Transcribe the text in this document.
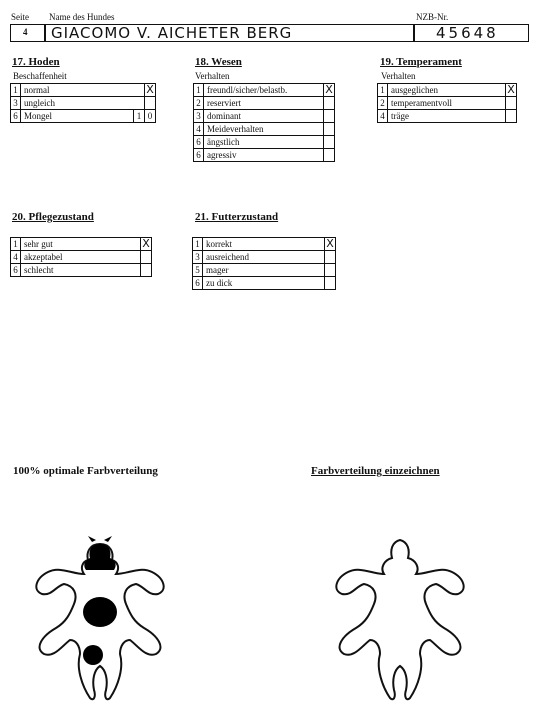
Seite Name des Hundes	NZB-Nr.
4 GIACOMO V. AICHETER BERG	45648
17. Hoden
Beschaffenheit
1	normal		X
3	ungleich		
6	Mongel	1	0
18. Wesen
Verhalten
1	freundl/sicher/belastb.	X
2	reserviert	
3	dominant	
4	Meideverhalten	
6	ängstlich	
6	agressiv	
19. Temperament
Verhalten
1	ausgeglichen	X
2	temperamentvoll	
4	träge	
20. Pflegezustand
1	sehr gut	X
4	akzeptabel	
6	schlecht	
21. Futterzustand
1	korrekt	X
3	ausreichend	
5	mager	
6	zu dick	
100% optimale Farbverteilung	Farbverteilung einzeichnen
